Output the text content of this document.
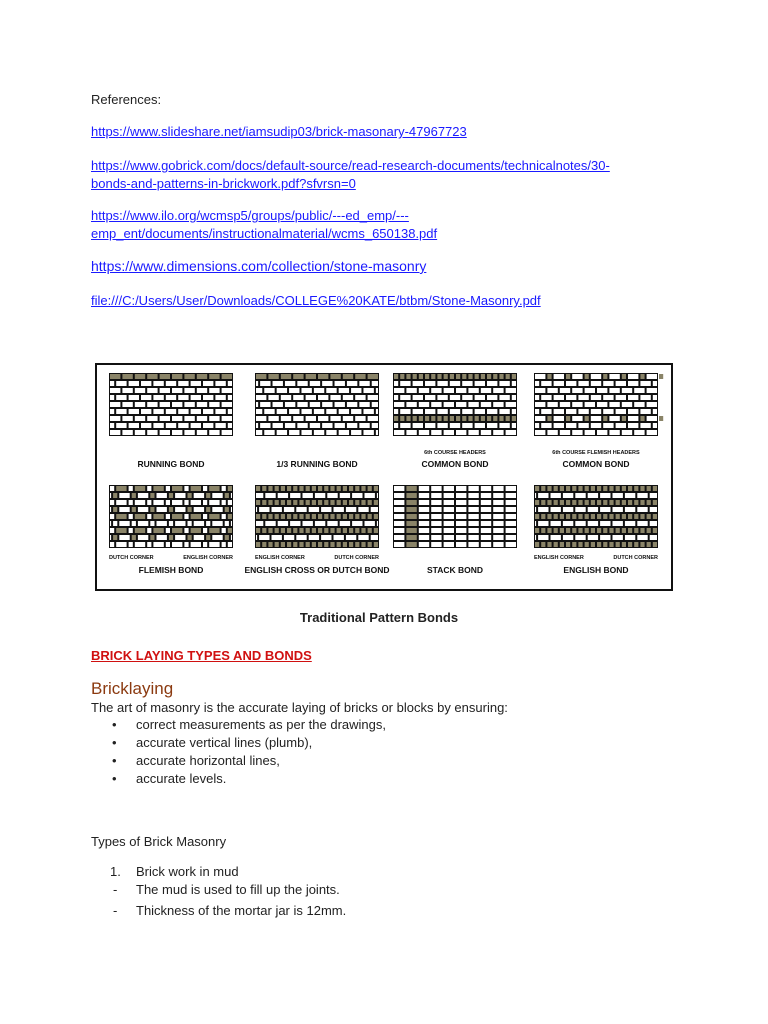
References:
https://www.slideshare.net/iamsudip03/brick-masonary-47967723
https://www.gobrick.com/docs/default-source/read-research-documents/technicalnotes/30-
bonds-and-patterns-in-brickwork.pdf?sfvrsn=0
https://www.ilo.org/wcmsp5/groups/public/---ed_emp/---
emp_ent/documents/instructionalmaterial/wcms_650138.pdf
https://www.dimensions.com/collection/stone-masonry
file:///C:/Users/User/Downloads/COLLEGE%20KATE/btbm/Stone-Masonry.pdf
RUNNING BOND	1/3 RUNNING BOND	COMMON BOND
6th COURSE HEADERS
COMMON BOND
6th COURSE FLEMISH HEADERS
FLEMISH BOND
DUTCH CORNER	ENGLISH CORNER
ENGLISH CROSS OR DUTCH BOND
ENGLISH CORNER	DUTCH CORNER
STACK BOND	ENGLISH BOND
ENGLISH CORNER	DUTCH CORNER
Traditional Pattern Bonds
BRICK LAYING TYPES AND BONDS
Bricklaying
The art of masonry is the accurate laying of bricks or blocks by ensuring:
• correct measurements as per the drawings,
• accurate vertical lines (plumb),
• accurate horizontal lines,
• accurate levels.
Types of Brick Masonry
1. Brick work in mud
- The mud is used to fill up the joints.
- Thickness of the mortar jar is 12mm.
